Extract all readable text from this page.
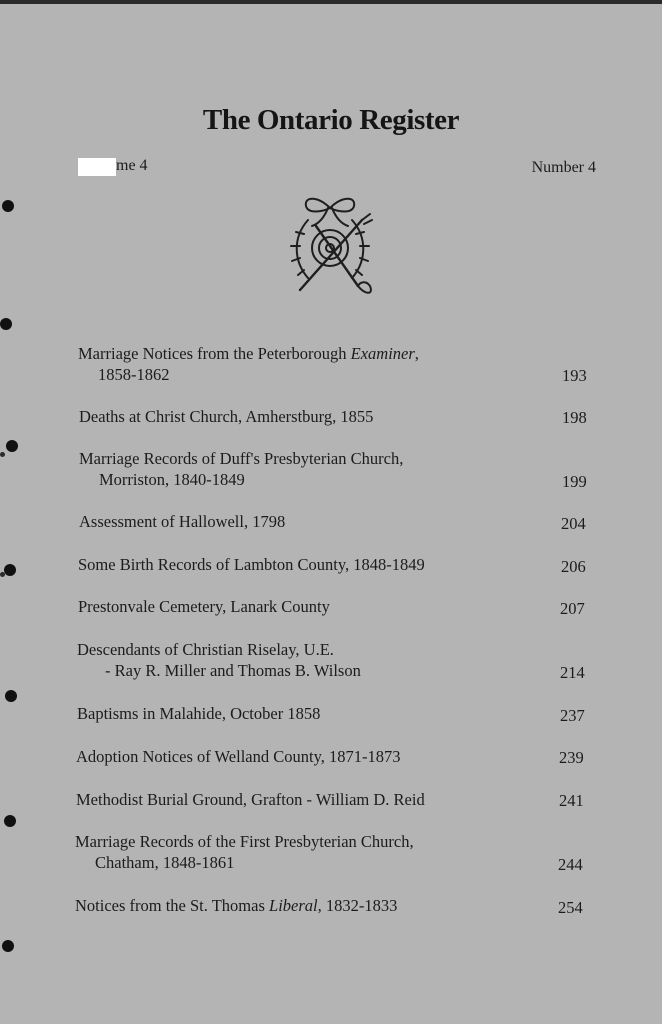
The Ontario Register
me 4	Number 4
Marriage Notices from the Peterborough Examiner,
1858-1862	193
Deaths at Christ Church, Amherstburg, 1855	198
Marriage Records of Duff's Presbyterian Church,
Morriston, 1840-1849	199
Assessment of Hallowell, 1798	204
Some Birth Records of Lambton County, 1848-1849	206
Prestonvale Cemetery, Lanark County	207
Descendants of Christian Riselay, U.E.
- Ray R. Miller and Thomas B. Wilson	214
Baptisms in Malahide, October 1858	237
Adoption Notices of Welland County, 1871-1873	239
Methodist Burial Ground, Grafton - William D. Reid	241
Marriage Records of the First Presbyterian Church,
Chatham, 1848-1861	244
Notices from the St. Thomas Liberal, 1832-1833	254
